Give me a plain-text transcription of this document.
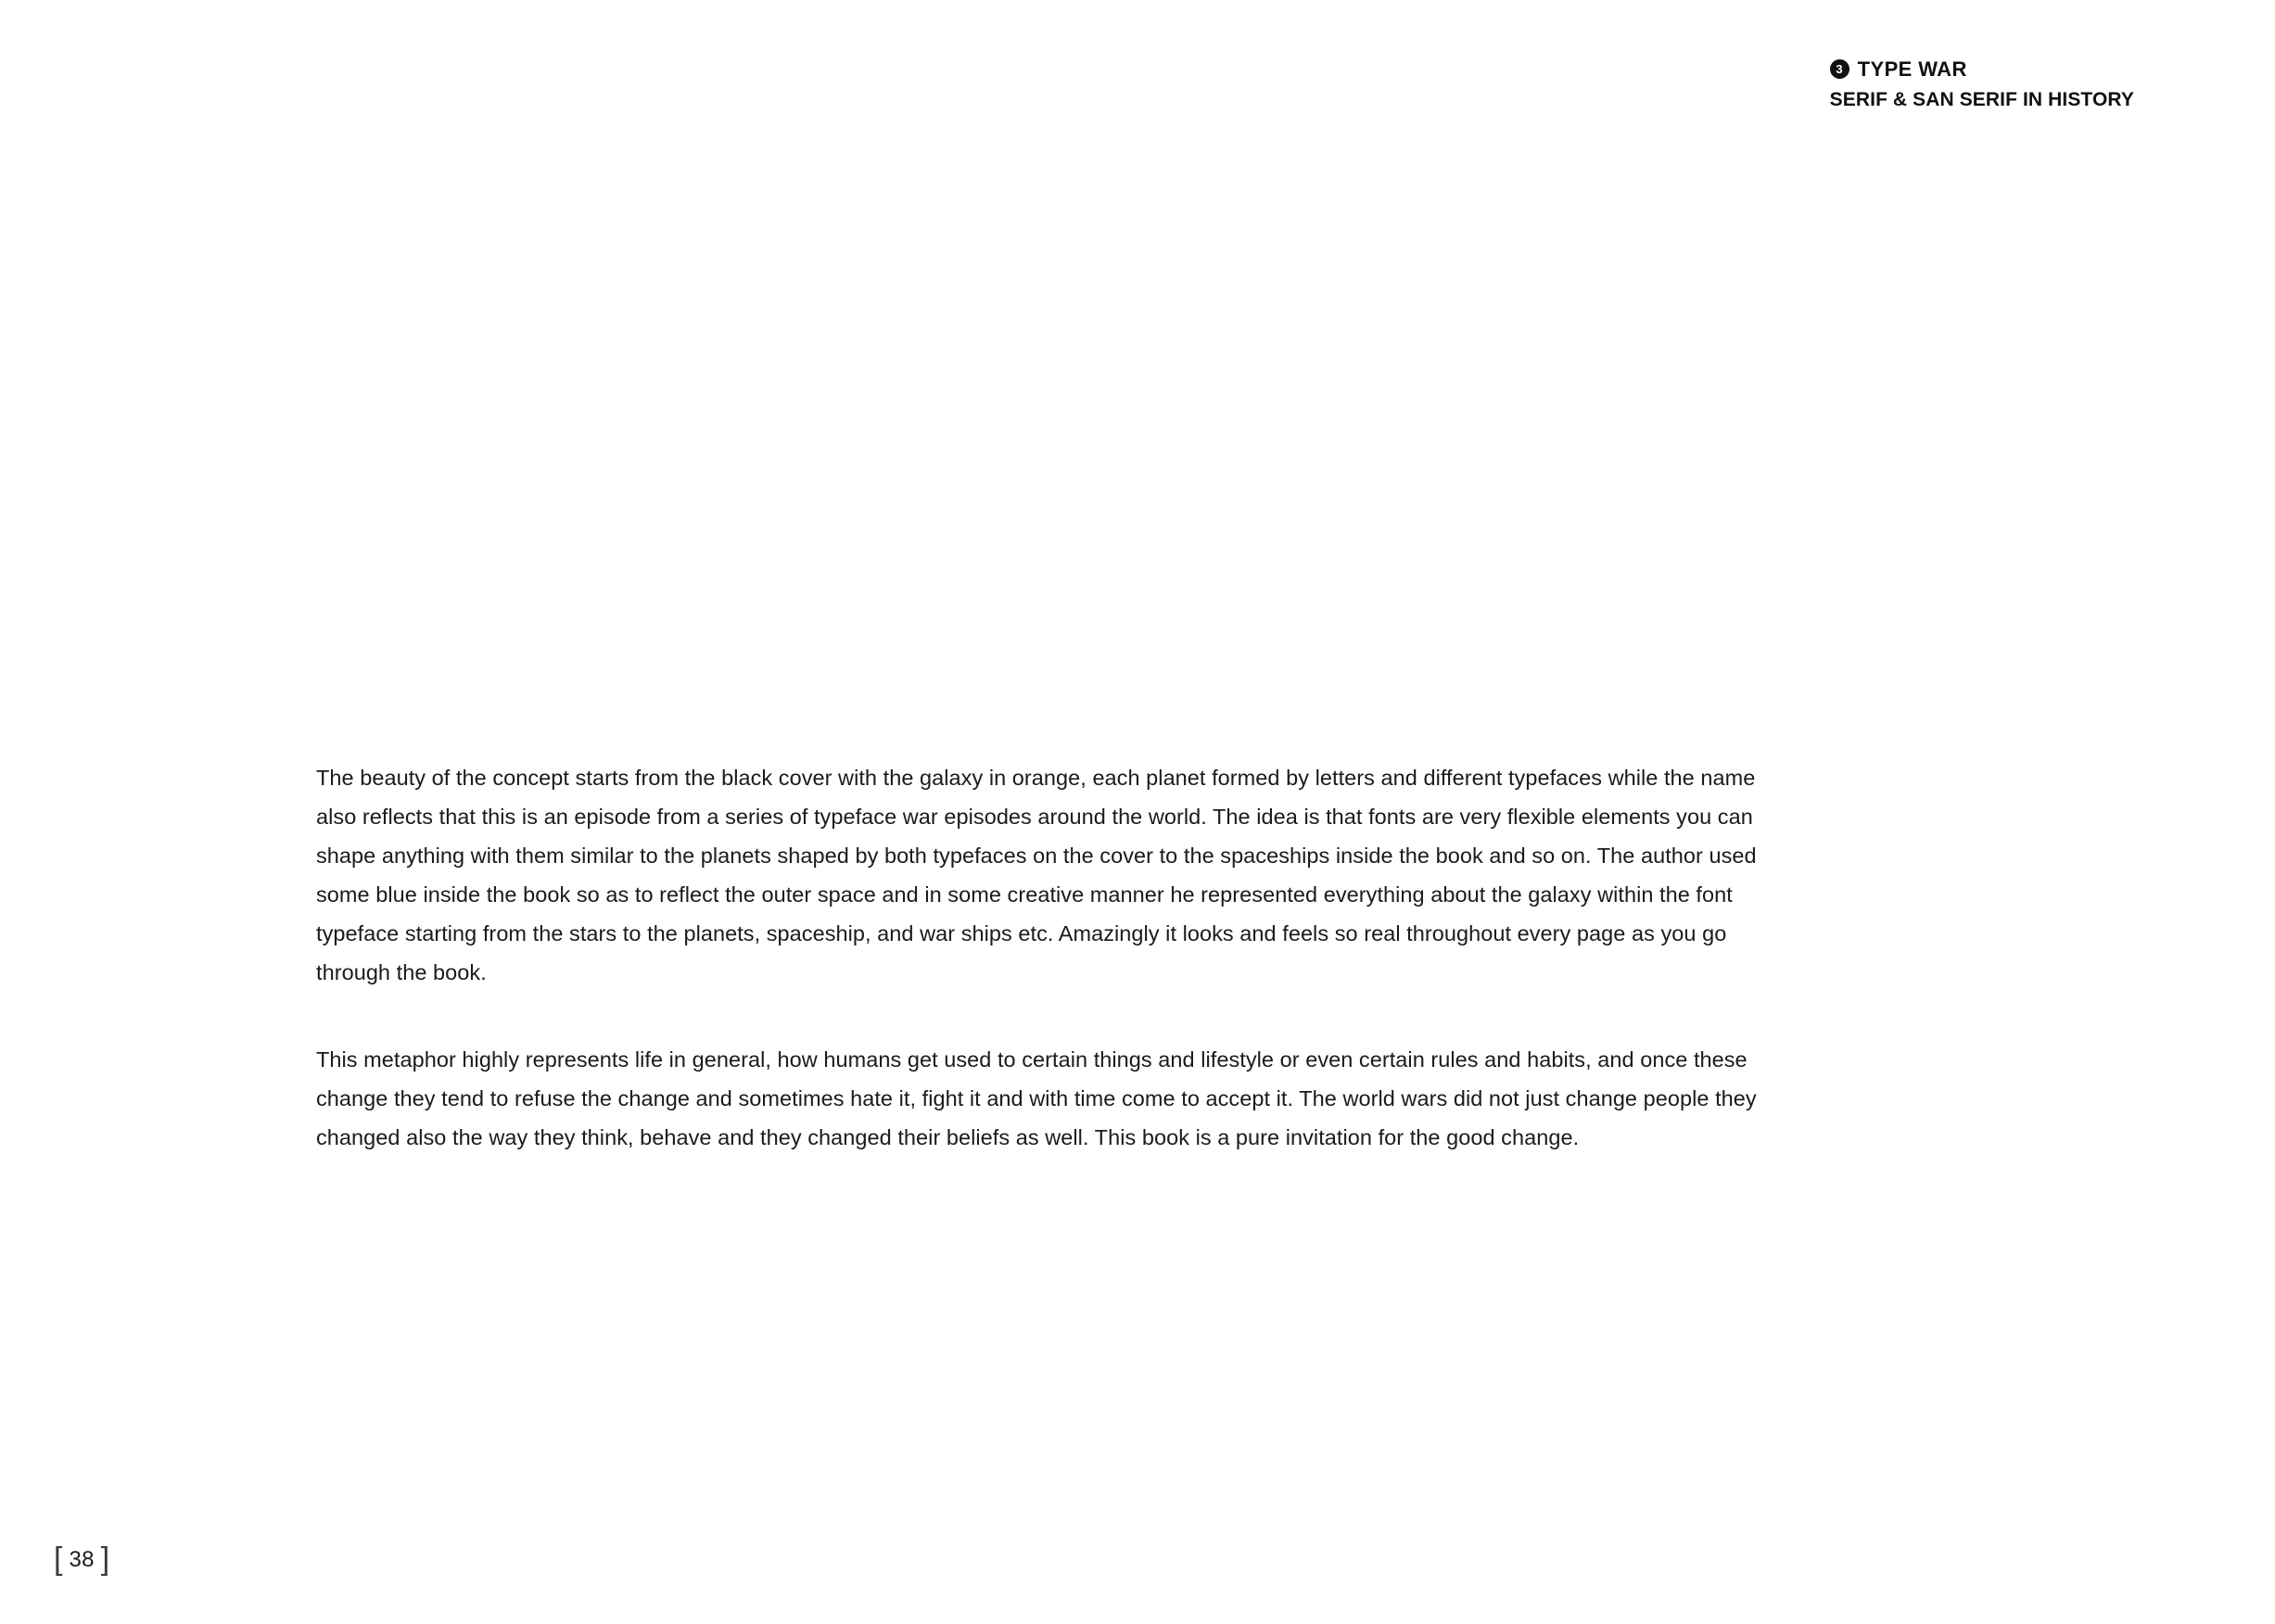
3 TYPE WAR
SERIF & SAN SERIF IN HISTORY

The beauty of the concept starts from the black cover with the galaxy in orange, each planet formed by letters and different typefaces while the name also reflects that this is an episode from a series of typeface war episodes around the world. The idea is that fonts are very flexible elements you can shape anything with them similar to the planets shaped by both typefaces on the cover to the spaceships inside the book and so on. The author used some blue inside the book so as to reflect the outer space and in some creative manner he represented everything about the galaxy within the font typeface starting from the stars to the planets, spaceship, and war ships etc. Amazingly it looks and feels so real throughout every page as you go through the book.

This metaphor highly represents life in general, how humans get used to certain things and lifestyle or even certain rules and habits, and once these change they tend to refuse the change and sometimes hate it, fight it and with time come to accept it. The world wars did not just change people they changed also the way they think, behave and they changed their beliefs as well. This book is a pure invitation for the good change.

[ 38 ]
